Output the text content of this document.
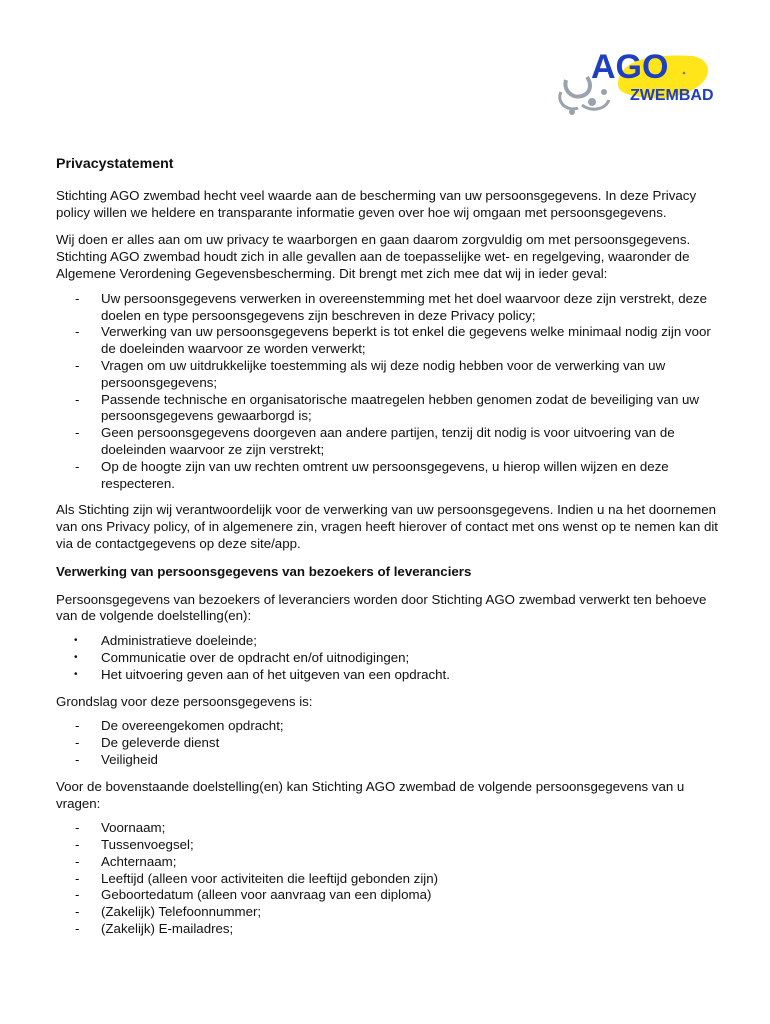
AGO
ZWEMBAD
Privacystatement

Stichting AGO zwembad hecht veel waarde aan de bescherming van uw persoonsgegevens. In deze Privacy policy willen we heldere en transparante informatie geven over hoe wij omgaan met persoonsgegevens.

Wij doen er alles aan om uw privacy te waarborgen en gaan daarom zorgvuldig om met persoonsgegevens. Stichting AGO zwembad houdt zich in alle gevallen aan de toepasselijke wet- en regelgeving, waaronder de Algemene Verordening Gegevensbescherming. Dit brengt met zich mee dat wij in ieder geval:

- Uw persoonsgegevens verwerken in overeenstemming met het doel waarvoor deze zijn verstrekt, deze doelen en type persoonsgegevens zijn beschreven in deze Privacy policy;
- Verwerking van uw persoonsgegevens beperkt is tot enkel die gegevens welke minimaal nodig zijn voor de doeleinden waarvoor ze worden verwerkt;
- Vragen om uw uitdrukkelijke toestemming als wij deze nodig hebben voor de verwerking van uw persoonsgegevens;
- Passende technische en organisatorische maatregelen hebben genomen zodat de beveiliging van uw persoonsgegevens gewaarborgd is;
- Geen persoonsgegevens doorgeven aan andere partijen, tenzij dit nodig is voor uitvoering van de doeleinden waarvoor ze zijn verstrekt;
- Op de hoogte zijn van uw rechten omtrent uw persoonsgegevens, u hierop willen wijzen en deze respecteren.

Als Stichting zijn wij verantwoordelijk voor de verwerking van uw persoonsgegevens. Indien u na het doornemen van ons Privacy policy, of in algemenere zin, vragen heeft hierover of contact met ons wenst op te nemen kan dit via de contactgegevens op deze site/app.

Verwerking van persoonsgegevens van bezoekers of leveranciers

Persoonsgegevens van bezoekers of leveranciers worden door Stichting AGO zwembad verwerkt ten behoeve van de volgende doelstelling(en):

• Administratieve doeleinde;
• Communicatie over de opdracht en/of uitnodigingen;
• Het uitvoering geven aan of het uitgeven van een opdracht.

Grondslag voor deze persoonsgegevens is:

- De overeengekomen opdracht;
- De geleverde dienst
- Veiligheid

Voor de bovenstaande doelstelling(en) kan Stichting AGO zwembad de volgende persoonsgegevens van u vragen:

- Voornaam;
- Tussenvoegsel;
- Achternaam;
- Leeftijd (alleen voor activiteiten die leeftijd gebonden zijn)
- Geboortedatum (alleen voor aanvraag van een diploma)
- (Zakelijk) Telefoonnummer;
- (Zakelijk) E-mailadres;
